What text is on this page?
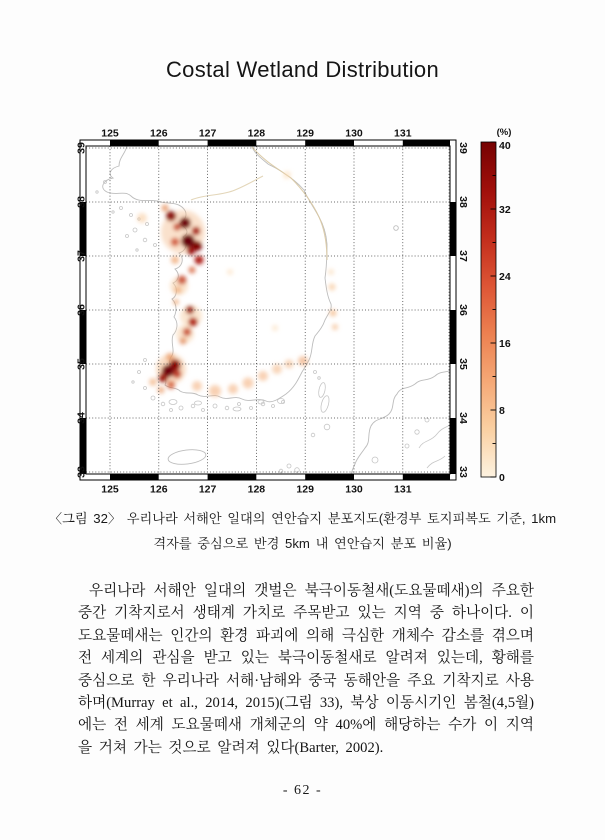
Costal Wetland Distribution
125
125
126
126
127
127
128
128
129
129
130
130
131
131
39	39
38	38
37	37
36	36
35	35
34	34
33	33
40
32
24
16
8
0
(%)
〈그림 32〉 우리나라 서해안 일대의 연안습지 분포지도(환경부 토지피복도 기준, 1km
격자를 중심으로 반경 5km 내 연안습지 분포 비율)

우리나라 서해안 일대의 갯벌은 북극이동철새(도요물떼새)의 주요한 중간 기착지로서 생태계 가치로 주목받고 있는 지역 중 하나이다. 이 도요물떼새는 인간의 환경 파괴에 의해 극심한 개체수 감소를 겪으며 전 세계의 관심을 받고 있는 북극이동철새로 알려져 있는데, 황해를 중심으로 한 우리나라 서해·남해와 중국 동해안을 주요 기착지로 사용하며(Murray et al., 2014, 2015)(그림 33), 북상 이동시기인 봄철(4,5월)에는 전 세계 도요물떼새 개체군의 약 40%에 해당하는 수가 이 지역을 거쳐 가는 것으로 알려져 있다(Barter, 2002).

- 62 -
